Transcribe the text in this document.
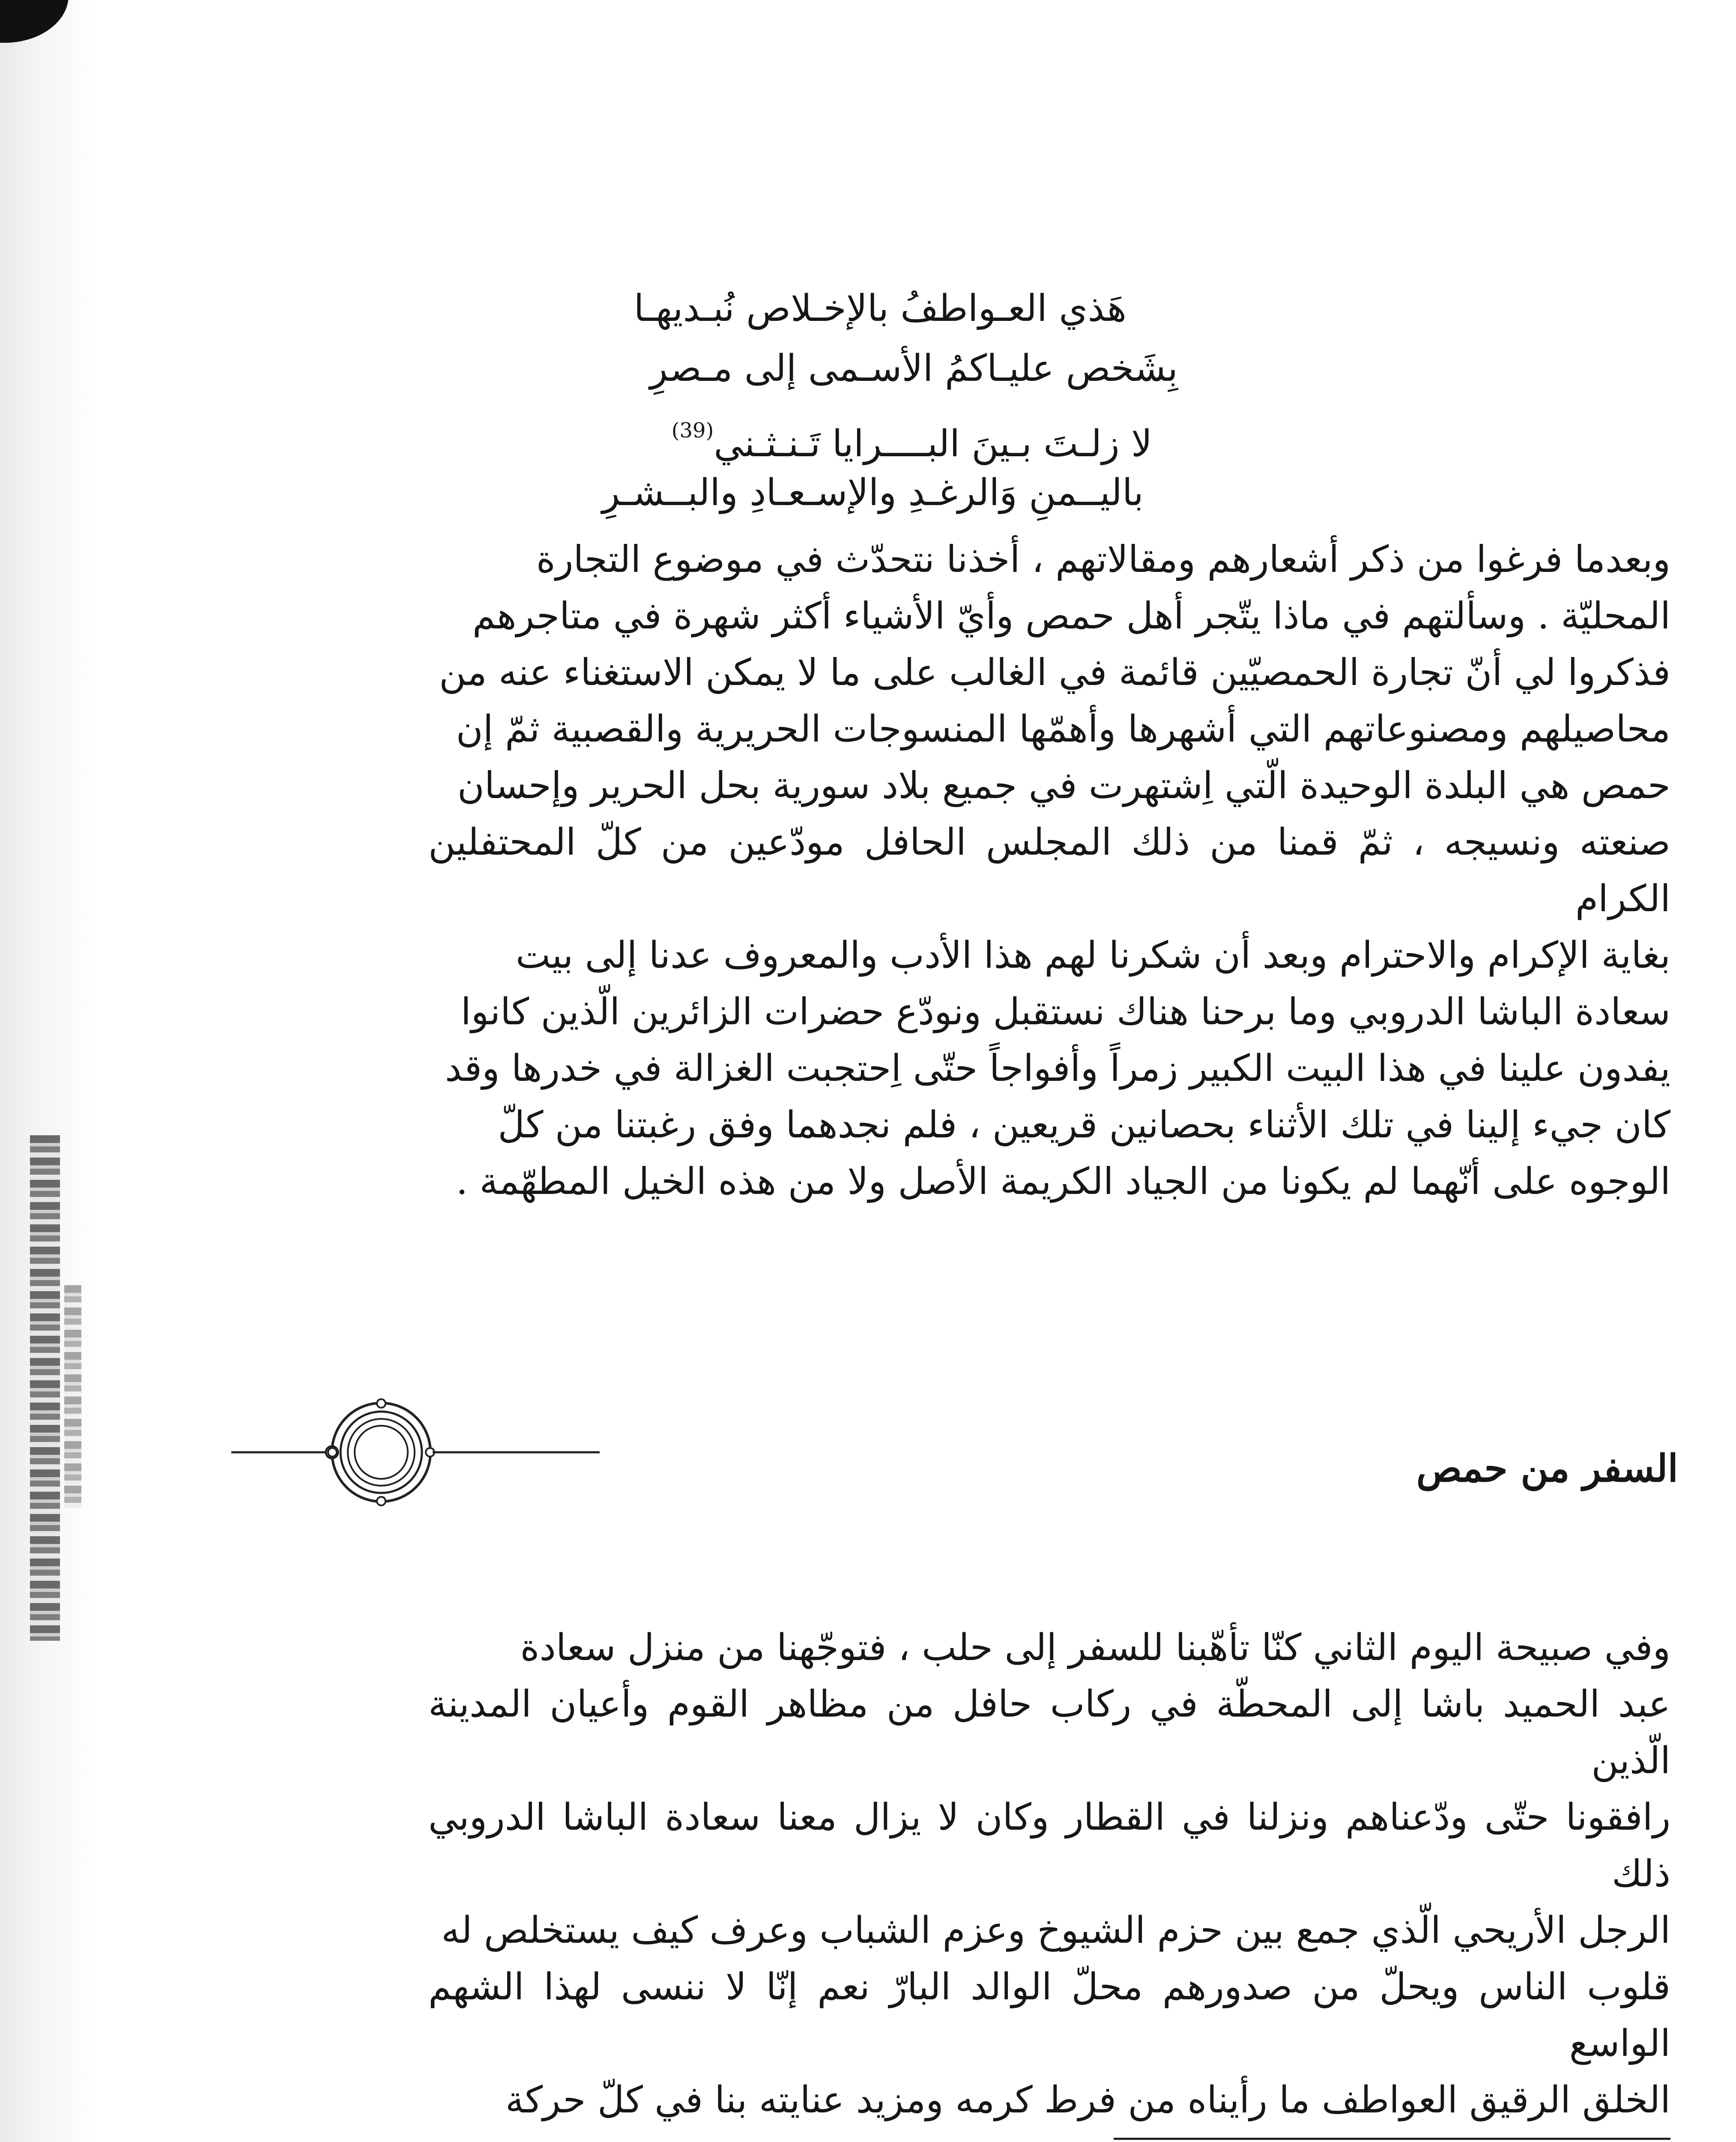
هَذي العـواطفُ بالإخـلاص نُبـديهـا
بِشَخص عليـاكمُ الأسـمى إلى مـصرِ
لا زلـتَ بـينَ البــــرايا تَـنـثـني$^{(39)}$
باليــمنِ وَالرغـدِ والإسـعـادِ والبــشـرِ

وبعدما فرغوا من ذكر أشعارهم ومقالاتهم ، أخذنا نتحدّث في موضوع التجارة

المحليّة . وسألتهم في ماذا يتّجر أهل حمص وأيّ الأشياء أكثر شهرة في متاجرهم

فذكروا لي أنّ تجارة الحمصيّين قائمة في الغالب على ما لا يمكن الاستغناء عنه من

محاصيلهم ومصنوعاتهم التي أشهرها وأهمّها المنسوجات الحريرية والقصبية ثمّ إن

حمص هي البلدة الوحيدة الّتي اِشتهرت في جميع بلاد سورية بحل الحرير وإحسان

صنعته ونسيجه ، ثمّ قمنا من ذلك المجلس الحافل مودّعين من كلّ المحتفلين الكرام

بغاية الإكرام والاحترام وبعد أن شكرنا لهم هذا الأدب والمعروف عدنا إلى بيت

سعادة الباشا الدروبي وما برحنا هناك نستقبل ونودّع حضرات الزائرين الّذين كانوا

يفدون علينا في هذا البيت الكبير زمراً وأفواجاً حتّى اِحتجبت الغزالة في خدرها وقد

كان جيء إلينا في تلك الأثناء بحصانين قريعين ، فلم نجدهما وفق رغبتنا من كلّ

الوجوه على أنّهما لم يكونا من الجياد الكريمة الأصل ولا من هذه الخيل المطهّمة .

السفر من حمص

وفي صبيحة اليوم الثاني كنّا تأهّبنا للسفر إلى حلب ، فتوجّهنا من منزل سعادة

عبد الحميد باشا إلى المحطّة في ركاب حافل من مظاهر القوم وأعيان المدينة الّذين

رافقونا حتّى ودّعناهم ونزلنا في القطار وكان لا يزال معنا سعادة الباشا الدروبي ذلك

الرجل الأريحي الّذي جمع بين حزم الشيوخ وعزم الشباب وعرف كيف يستخلص له

قلوب الناس ويحلّ من صدورهم محلّ الوالد البارّ نعم إنّا لا ننسى لهذا الشهم الواسع

الخلق الرقيق العواطف ما رأيناه من فرط كرمه ومزيد عنايته بنا في كلّ حركة
